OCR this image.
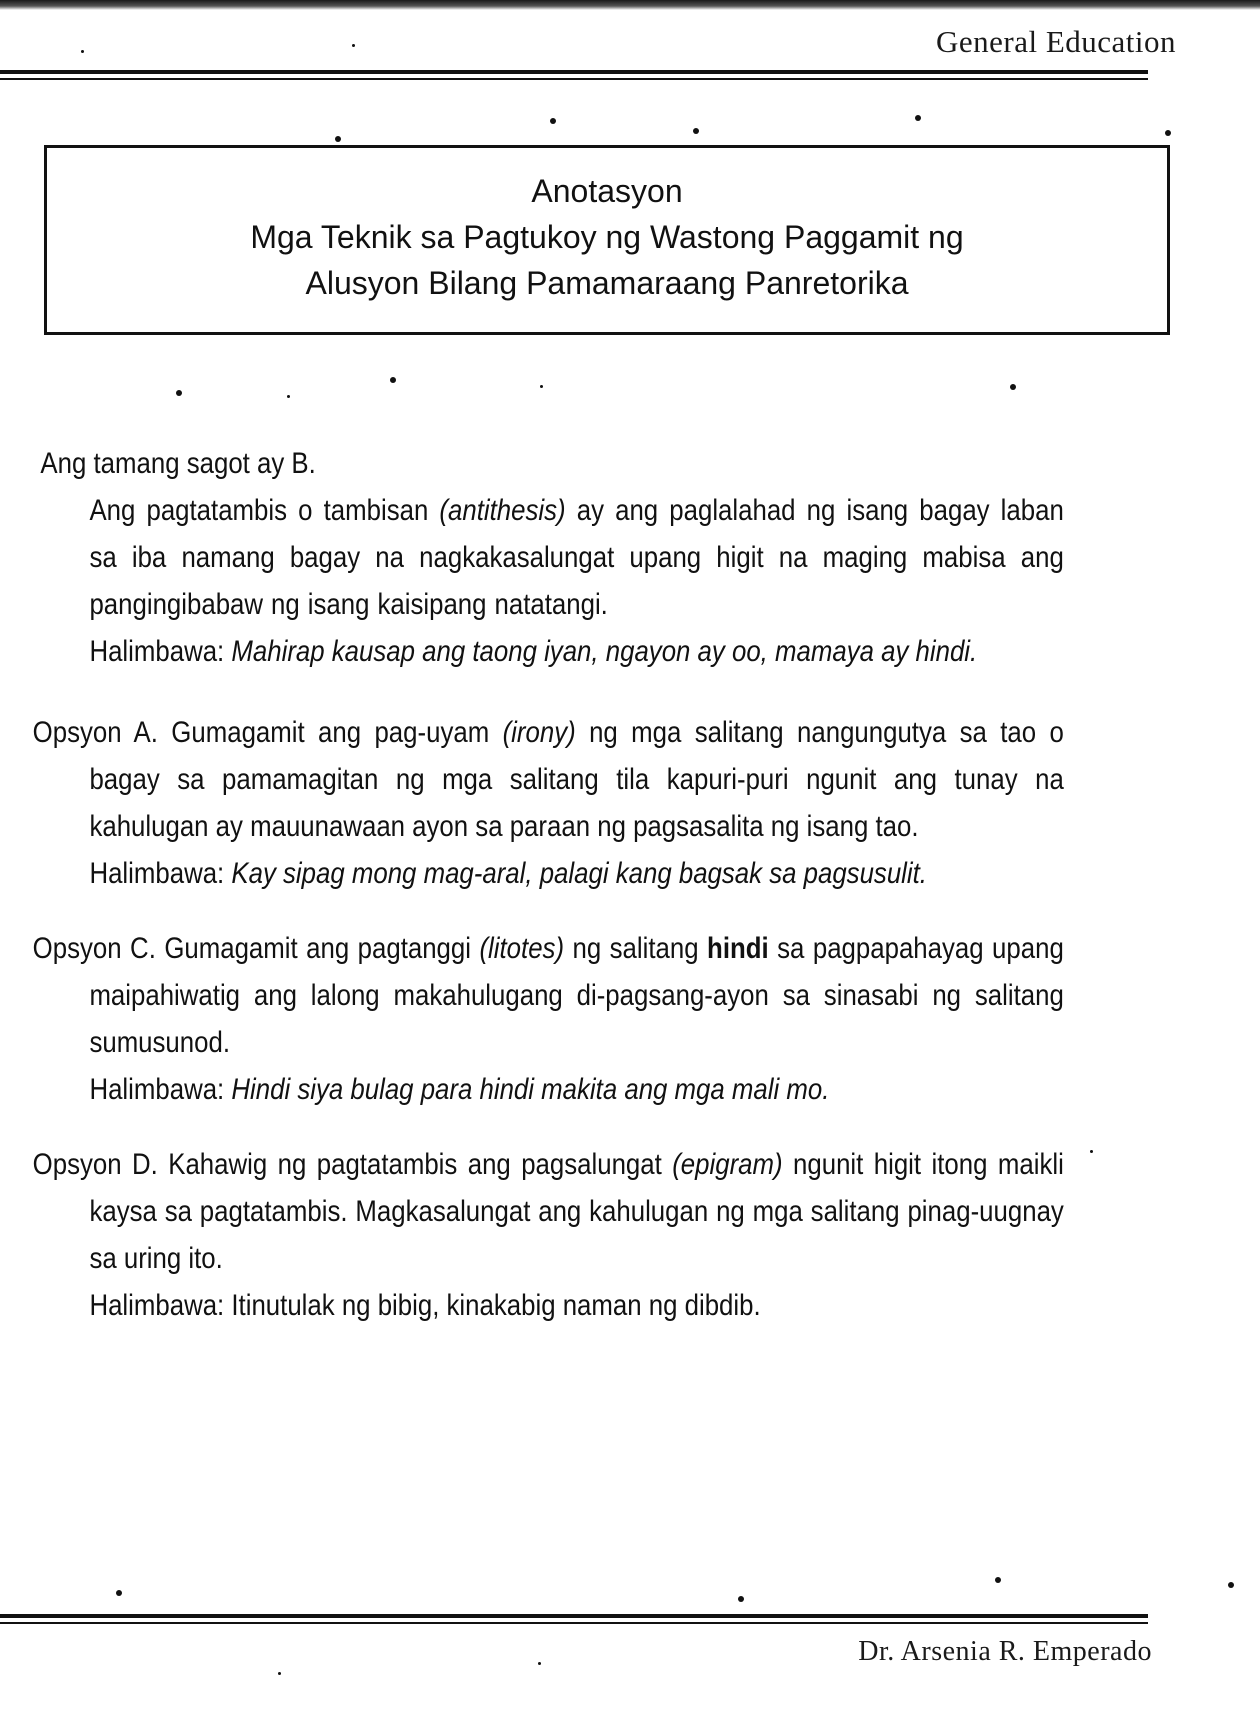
General Education
Anotasyon
Mga Teknik sa Pagtukoy ng Wastong Paggamit ng
Alusyon Bilang Pamamaraang Panretorika
Ang tamang sagot ay B.
Ang pagtatambis o tambisan (antithesis) ay ang paglalahad ng isang bagay laban sa iba namang bagay na nagkakasalungat upang higit na maging mabisa ang pangingibabaw ng isang kaisipang natatangi.
Halimbawa: Mahirap kausap ang taong iyan, ngayon ay oo, mamaya ay hindi.
Opsyon A. Gumagamit ang pag-uyam (irony) ng mga salitang nangungutya sa tao o bagay sa pamamagitan ng mga salitang tila kapuri-puri ngunit ang tunay na kahulugan ay mauunawaan ayon sa paraan ng pagsasalita ng isang tao.
Halimbawa: Kay sipag mong mag-aral, palagi kang bagsak sa pagsusulit.
Opsyon C. Gumagamit ang pagtanggi (litotes) ng salitang hindi sa pagpapahayag upang maipahiwatig ang lalong makahulugang di-pagsang-ayon sa sinasabi ng salitang sumusunod.
Halimbawa: Hindi siya bulag para hindi makita ang mga mali mo.
Opsyon D. Kahawig ng pagtatambis ang pagsalungat (epigram) ngunit higit itong maikli kaysa sa pagtatambis. Magkasalungat ang kahulugan ng mga salitang pinag-uugnay sa uring ito.
Halimbawa: Itinutulak ng bibig, kinakabig naman ng dibdib.
Dr. Arsenia R. Emperado
